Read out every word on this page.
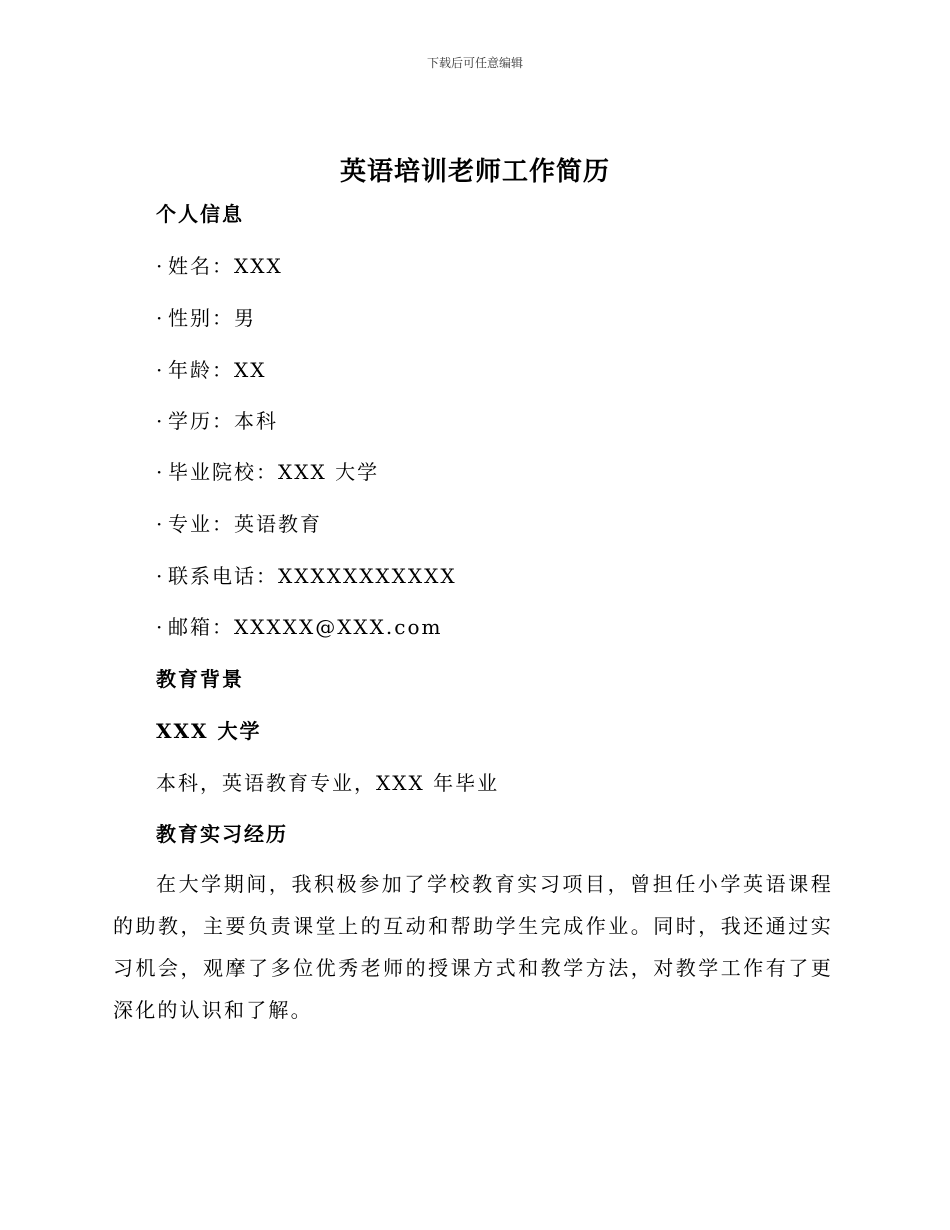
下载后可任意编辑
英语培训老师工作简历
个人信息
· 姓名：XXX
· 性别：男
· 年龄：XX
· 学历：本科
· 毕业院校：XXX 大学
· 专业：英语教育
· 联系电话：XXXXXXXXXXX
· 邮箱：XXXXX@XXX.com
教育背景
XXX 大学
本科，英语教育专业，XXX 年毕业
教育实习经历

在大学期间，我积极参加了学校教育实习项目，曾担任小学英语课程的助教，主要负责课堂上的互动和帮助学生完成作业。同时，我还通过实习机会，观摩了多位优秀老师的授课方式和教学方法，对教学工作有了更深化的认识和了解。
